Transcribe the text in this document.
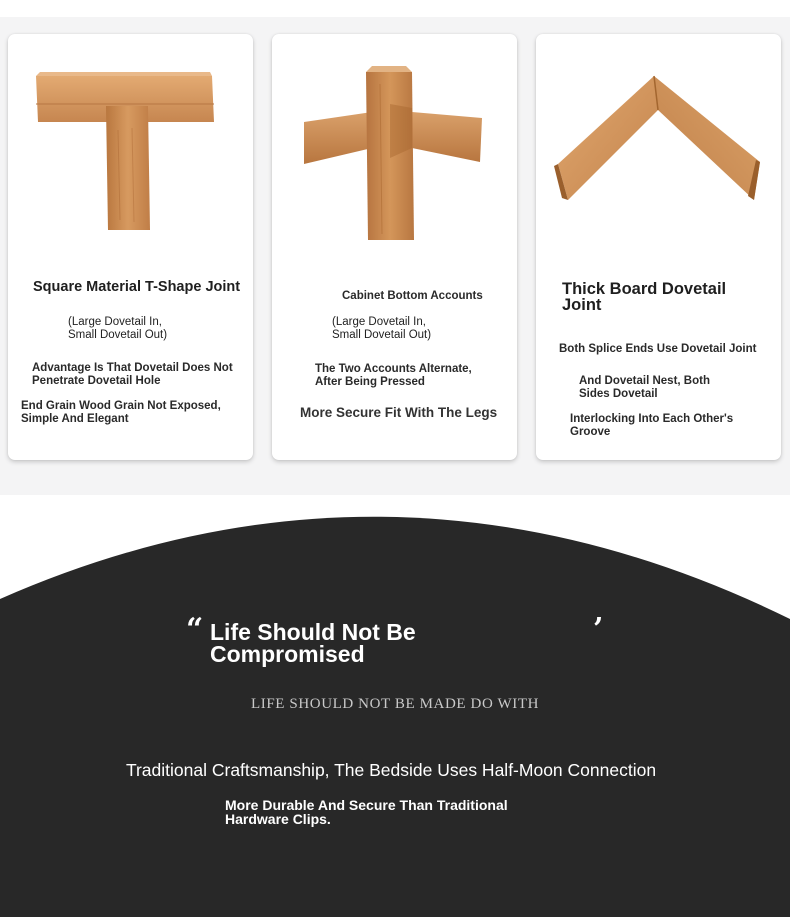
Square Material T-Shape Joint

(Large Dovetail In,
Small Dovetail Out)

Advantage Is That Dovetail Does Not
Penetrate Dovetail Hole

End Grain Wood Grain Not Exposed,
Simple And Elegant

Cabinet Bottom Accounts

(Large Dovetail In,
Small Dovetail Out)

The Two Accounts Alternate,
After Being Pressed

More Secure Fit With The Legs

Thick Board Dovetail
Joint

Both Splice Ends Use Dovetail Joint

And Dovetail Nest, Both
Sides Dovetail

Interlocking Into Each Other's
Groove

“ Life Should Not Be
Compromised

’
LIFE SHOULD NOT BE MADE DO WITH
Traditional Craftsmanship, The Bedside Uses Half-Moon Connection

More Durable And Secure Than Traditional
Hardware Clips.
